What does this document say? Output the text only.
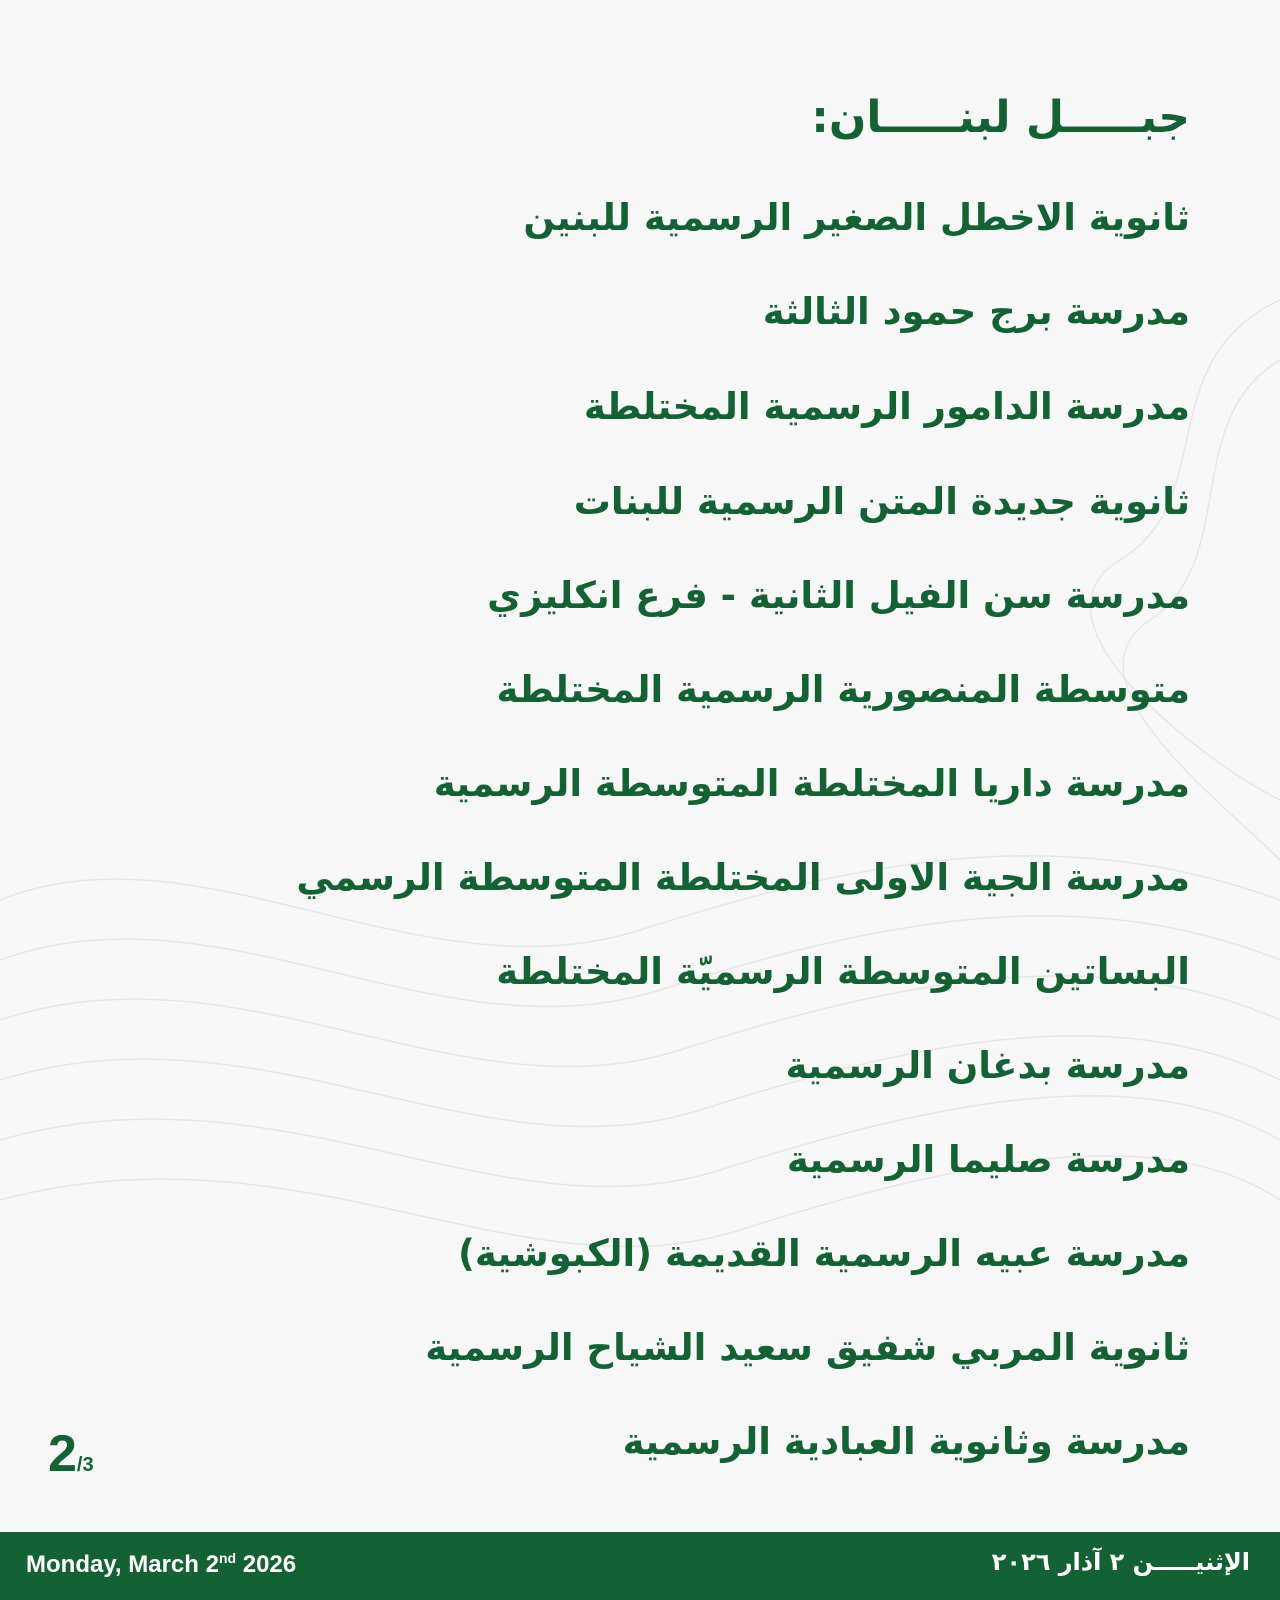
جبـــــل لبنـــــان:
ثانوية الاخطل الصغير الرسمية للبنين
مدرسة برج حمود الثالثة
مدرسة الدامور الرسمية المختلطة
ثانوية جديدة المتن الرسمية للبنات
مدرسة سن الفيل الثانية - فرع انكليزي
متوسطة المنصورية الرسمية المختلطة
مدرسة داريا المختلطة المتوسطة الرسمية
مدرسة الجية الاولى المختلطة المتوسطة الرسمي
البساتين المتوسطة الرسميّة المختلطة
مدرسة بدغان الرسمية
مدرسة صليما الرسمية
مدرسة عبيه الرسمية القديمة (الكبوشية)
ثانوية المربي شفيق سعيد الشياح الرسمية
مدرسة وثانوية العبادية الرسمية
2/3
Monday, March 2nd 2026	الإثنيـــــن ٢ آذار ٢٠٢٦
